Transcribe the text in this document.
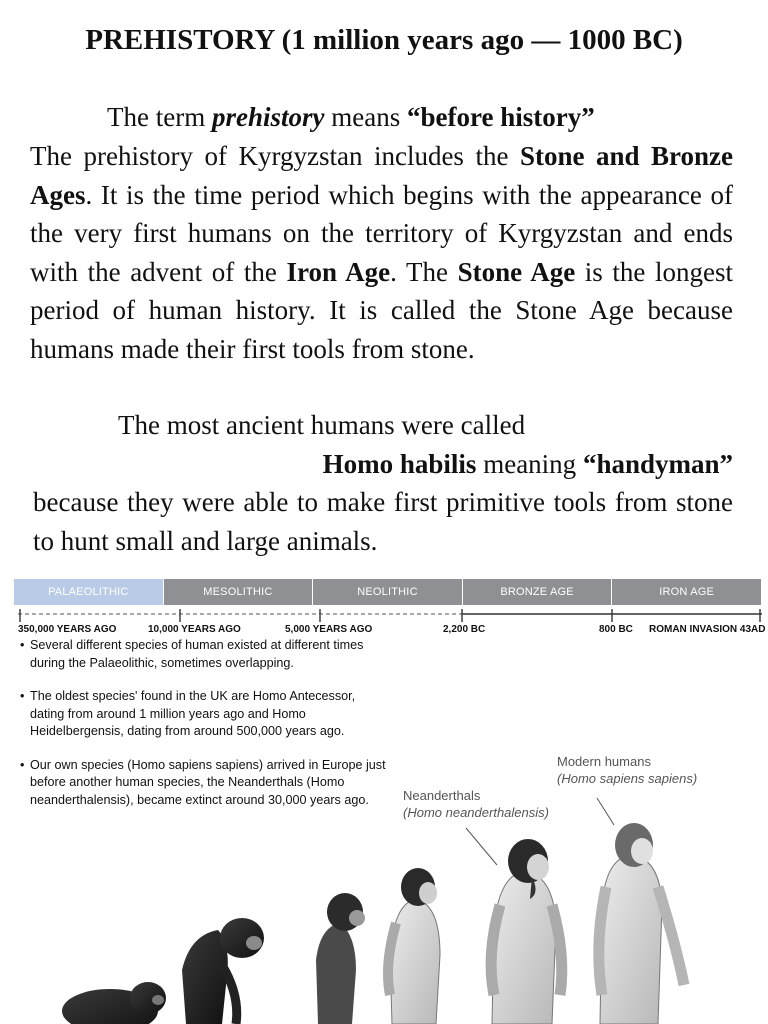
PREHISTORY (1 million years ago — 1000 BC)
The term prehistory means “before history”
The prehistory of Kyrgyzstan includes the Stone and Bronze Ages. It is the time period which begins with the appearance of the very first humans on the territory of Kyrgyzstan and ends with the advent of the Iron Age. The Stone Age is the longest period of human history. It is called the Stone Age because humans made their first tools from stone.
The most ancient humans were called
Homo habilis meaning “handyman”
because they were able to make first primitive tools from stone to hunt small and large animals.
PALAEOLITHIC	MESOLITHIC	NEOLITHIC	BRONZE AGE	IRON AGE
350,000 YEARS AGO	10,000 YEARS AGO	5,000 YEARS AGO	2,200 BC	800 BC ROMAN INVASION 43AD
• Several different species of human existed at different times during the Palaeolithic, sometimes overlapping.
• The oldest species' found in the UK are Homo Antecessor, dating from around 1 million years ago and Homo Heidelbergensis, dating from around 500,000 years ago.
• Our own species (Homo sapiens sapiens) arrived in Europe just before another human species, the Neanderthals (Homo neanderthalensis), became extinct around 30,000 years ago.
Modern humans
(Homo sapiens sapiens)
Neanderthals
(Homo neanderthalensis)
